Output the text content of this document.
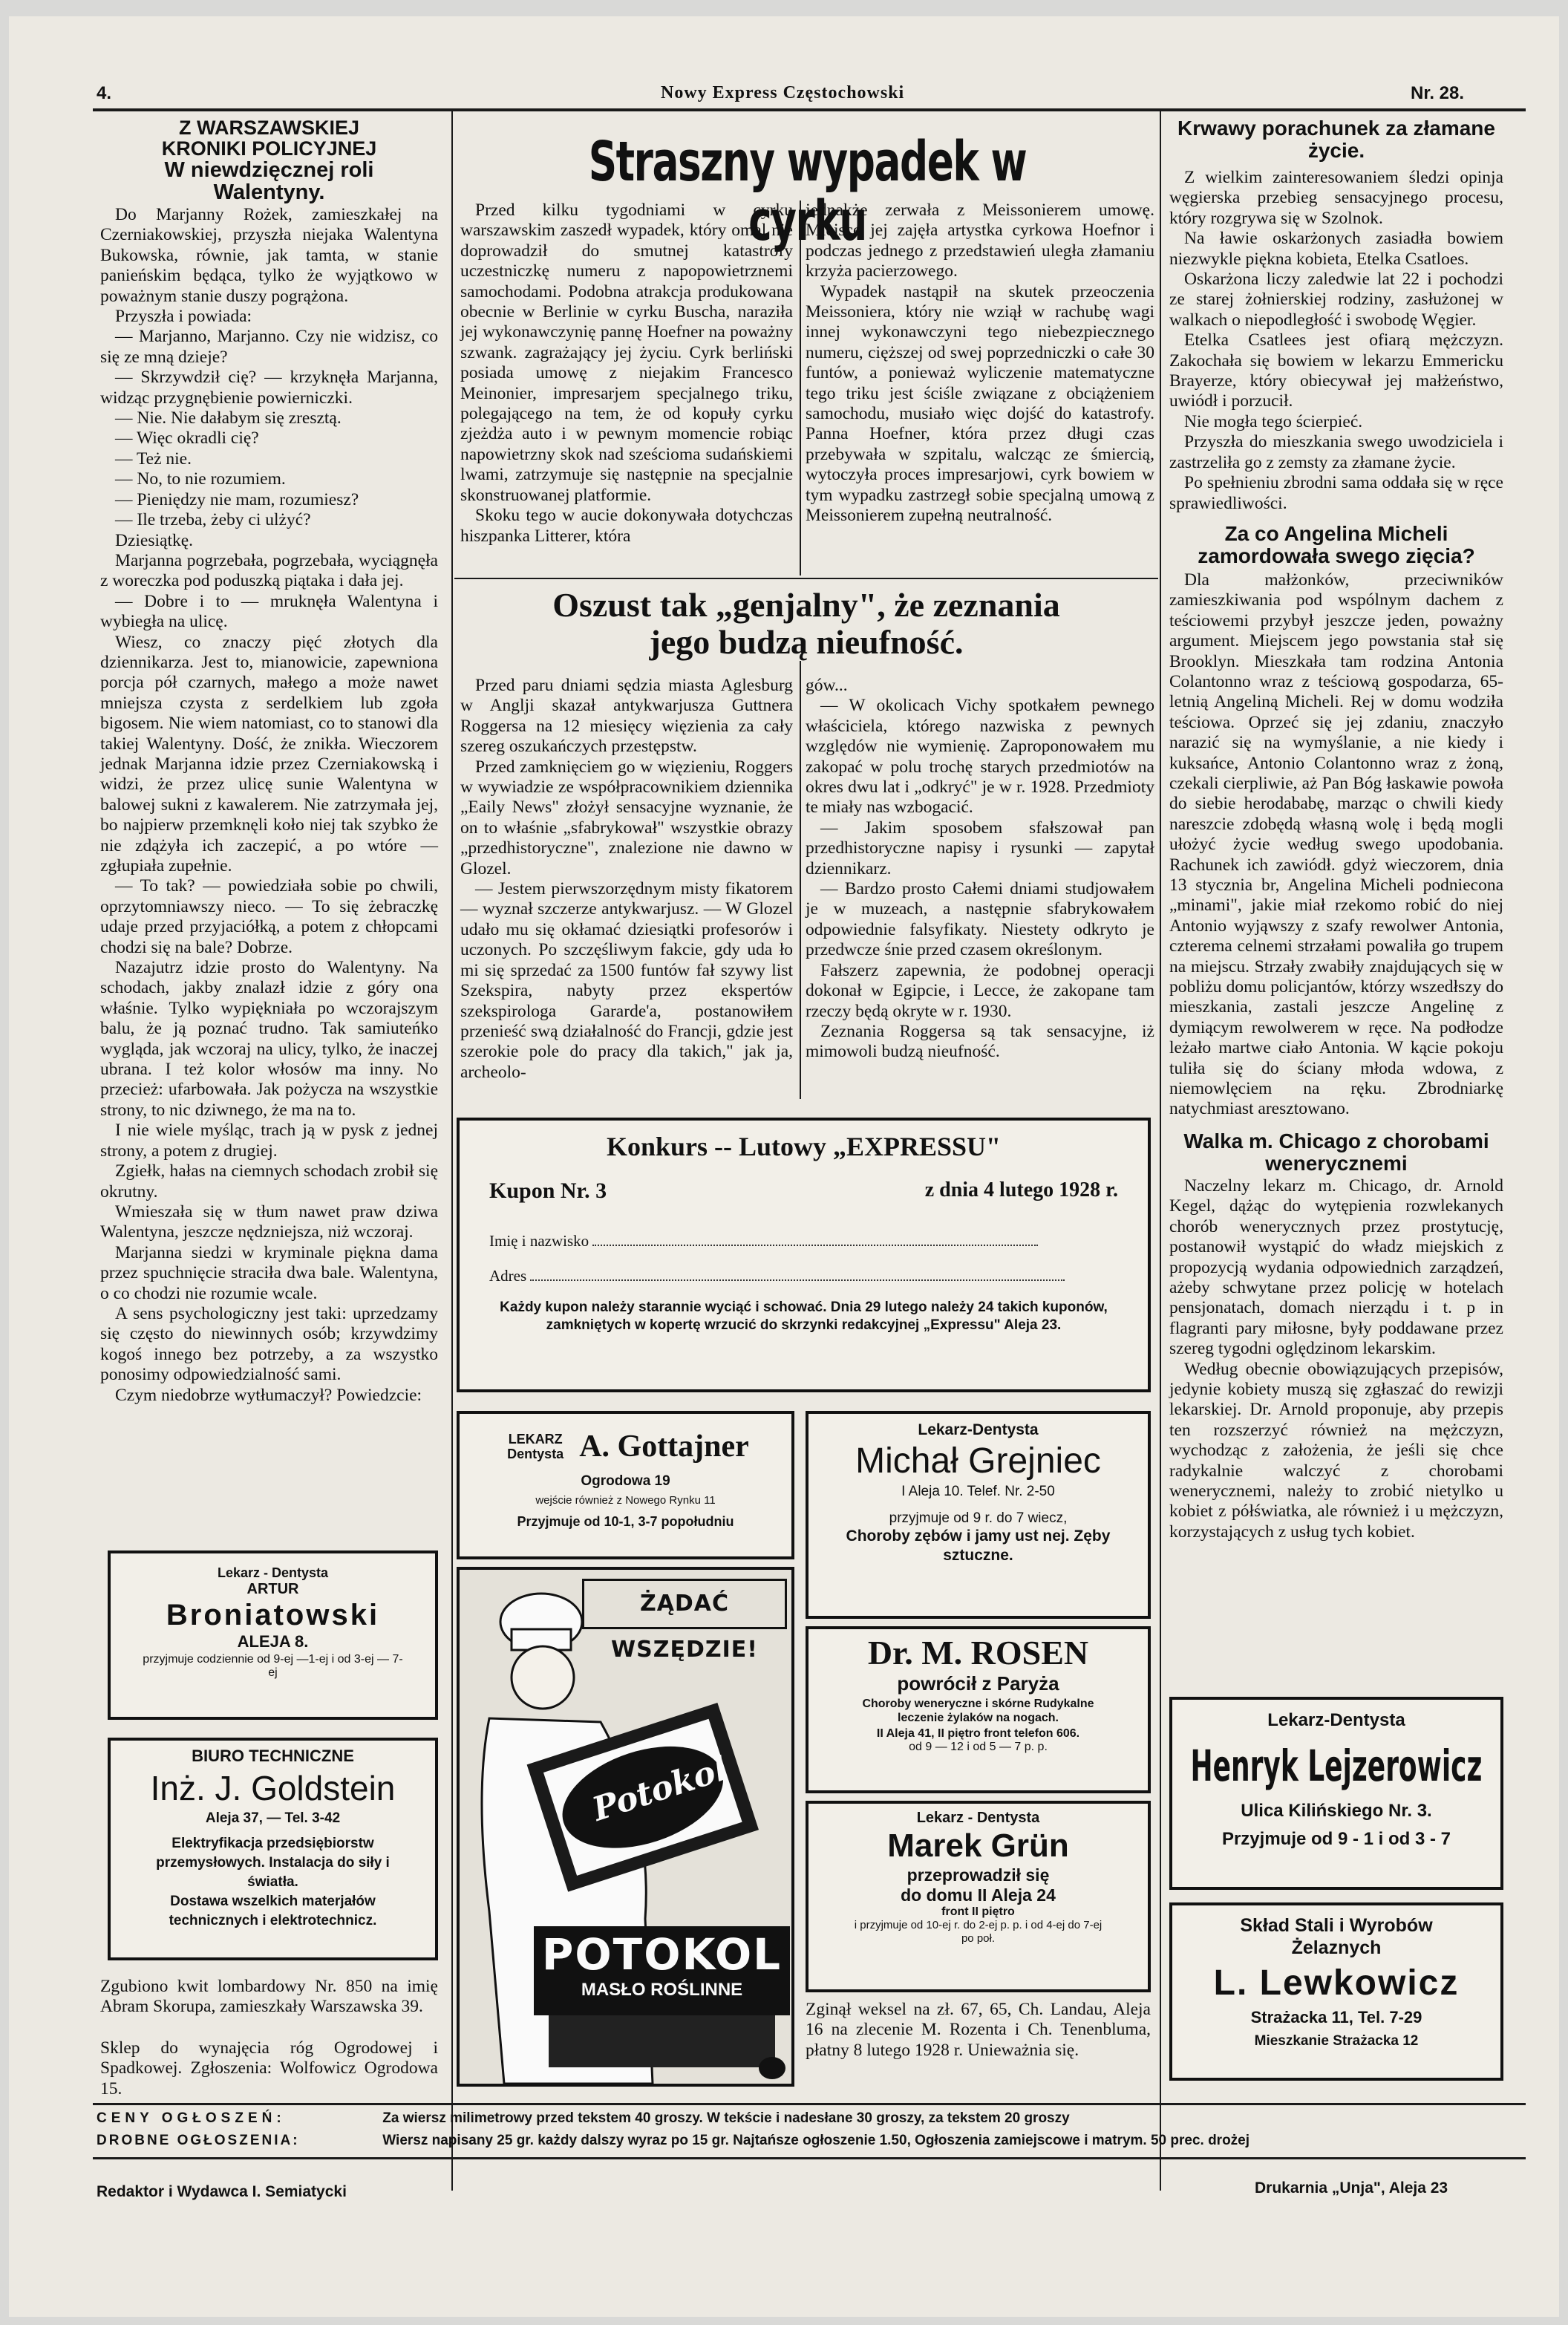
4.	Nowy Express Częstochowski	Nr. 28.
Z WARSZAWSKIEJ
KRONIKI POLICYJNEJ
W niewdzięcznej roli
Walentyny.

Do Marjanny Rożek, zamieszkałej na Czerniakowskiej, przyszła niejaka Walentyna Bukowska, równie, jak tamta, w stanie panieńskim będąca, tylko że wyjątkowo w poważnym stanie duszy pogrążona.

Przyszła i powiada:

— Marjanno, Marjanno. Czy nie widzisz, co się ze mną dzieje?

— Skrzywdził cię? — krzyknęła Marjanna, widząc przygnębienie powierniczki.

— Nie. Nie dałabym się zresztą.

— Więc okradli cię?

— Też nie.

— No, to nie rozumiem.

— Pieniędzy nie mam, rozumiesz?

— Ile trzeba, żeby ci ulżyć?

Dziesiątkę.

Marjanna pogrzebała, pogrzebała, wyciągnęła z woreczka pod poduszką piątaka i dała jej.

— Dobre i to — mruknęła Walentyna i wybiegła na ulicę.

Wiesz, co znaczy pięć złotych dla dziennikarza. Jest to, mianowicie, zapewniona porcja pół czarnych, małego a może nawet mniejsza czysta z serdelkiem lub zgoła bigosem. Nie wiem natomiast, co to stanowi dla takiej Walentyny. Dość, że znikła. Wieczorem jednak Marjanna idzie przez Czerniakowską i widzi, że przez ulicę sunie Walentyna w balowej sukni z kawalerem. Nie zatrzymała jej, bo najpierw przemknęli koło niej tak szybko że nie zdążyła ich zaczepić, a po wtóre — zgłupiała zupełnie.

— To tak? — powiedziała sobie po chwili, oprzytomniawszy nieco. — To się żebraczkę udaje przed przyjaciółką, a potem z chłopcami chodzi się na bale? Dobrze.

Nazajutrz idzie prosto do Walentyny. Na schodach, jakby znalazł idzie z góry ona właśnie. Tylko wypiękniała po wczorajszym balu, że ją poznać trudno. Tak samiuteńko wygląda, jak wczoraj na ulicy, tylko, że inaczej ubrana. I też kolor włosów ma inny. No przecież: ufarbowała. Jak pożycza na wszystkie strony, to nic dziwnego, że ma na to.

I nie wiele myśląc, trach ją w pysk z jednej strony, a potem z drugiej.

Zgiełk, hałas na ciemnych schodach zrobił się okrutny.

Wmieszała się w tłum nawet praw dziwa Walentyna, jeszcze nędzniejsza, niż wczoraj.

Marjanna siedzi w kryminale piękna dama przez spuchnięcie straciła dwa bale. Walentyna, o co chodzi nie rozumie wcale.

A sens psychologiczny jest taki: uprzedzamy się często do niewinnych osób; krzywdzimy kogoś innego bez potrzeby, a za wszystko ponosimy odpowiedzialność sami.

Czym niedobrze wytłumaczył? Powiedzcie:

Lekarz - Dentysta
ARTUR
Broniatowski
ALEJA 8.
przyjmuje codziennie od 9-ej —1-ej i od 3-ej — 7-ej
BIURO TECHNICZNE
Inż. J. Goldstein
Aleja 37, — Tel. 3-42
Elektryfikacja przedsiębiorstw przemysłowych. Instalacja do siły i światła.
Dostawa wszelkich materjałów technicznych i elektrotechnicz.

Zgubiono kwit lombardowy Nr. 850 na imię Abram Skorupa, zamieszkały Warszawska 39.

Sklep do wynajęcia róg Ogrodowej i Spadkowej. Zgłoszenia: Wolfowicz Ogrodowa 15.

Straszny wypadek w cyrku

Przed kilku tygodniami w cyrku warszawskim zaszedł wypadek, który omal nie doprowadził do smutnej katastrofy uczestniczkę numeru z napopowietrznemi samochodami. Podobna atrakcja produkowana obecnie w Berlinie w cyrku Buscha, naraziła jej wykonawczynię pannę Hoefner na poważny szwank. zagrażający jej życiu. Cyrk berliński posiada umowę z niejakim Francesco Meinonier, impresarjem specjalnego triku, polegającego na tem, że od kopuły cyrku zjeżdża auto i w pewnym momencie robiąc napowietrzny skok nad sześcioma sudańskiemi lwami, zatrzymuje się następnie na specjalnie skonstruowanej platformie.

Skoku tego w aucie dokonywała dotychczas hiszpanka Litterer, która

jednakże zerwała z Meissonierem umowę. Miejsce jej zajęła artystka cyrkowa Hoefnor i podczas jednego z przedstawień uległa złamaniu krzyża pacierzowego.

Wypadek nastąpił na skutek przeoczenia Meissoniera, który nie wziął w rachubę wagi innej wykonawczyni tego niebezpiecznego numeru, cięższej od swej poprzedniczki o całe 30 funtów, a ponieważ wyliczenie matematyczne tego triku jest ściśle związane z obciążeniem samochodu, musiało więc dojść do katastrofy. Panna Hoefner, która przez długi czas przebywała w szpitalu, walcząc ze śmiercią, wytoczyła proces impresarjowi, cyrk bowiem w tym wypadku zastrzegł sobie specjalną umową z Meissonierem zupełną neutralność.

Oszust tak „genjalny", że zeznania
jego budzą nieufność.

Przed paru dniami sędzia miasta Aglesburg w Anglji skazał antykwarjusza Guttnera Roggersa na 12 miesięcy więzienia za cały szereg oszukańczych przestępstw.

Przed zamknięciem go w więzieniu, Roggers w wywiadzie ze współpracownikiem dziennika „Eaily News" złożył sensacyjne wyznanie, że on to właśnie „sfabrykował" wszystkie obrazy „przedhistoryczne", znalezione nie dawno w Glozel.

— Jestem pierwszorzędnym misty fikatorem — wyznał szczerze antykwarjusz. — W Glozel udało mu się okłamać dziesiątki profesorów i uczonych. Po szczęśliwym fakcie, gdy uda ło mi się sprzedać za 1500 funtów fał szywy list Szekspira, nabyty przez ekspertów szekspirologa Gararde'a, postanowiłem przenieść swą działalność do Francji, gdzie jest szerokie pole do pracy dla takich," jak ja, archeolo-

gów...

— W okolicach Vichy spotkałem pewnego właściciela, którego nazwiska z pewnych względów nie wymienię. Zaproponowałem mu zakopać w polu trochę starych przedmiotów na okres dwu lat i „odkryć" je w r. 1928. Przedmioty te miały nas wzbogacić.

— Jakim sposobem sfałszował pan przedhistoryczne napisy i rysunki — zapytał dziennikarz.

— Bardzo prosto Całemi dniami studjowałem je w muzeach, a następnie sfabrykowałem odpowiednie falsyfikaty. Niestety odkryto je przedwcze śnie przed czasem określonym.

Fałszerz zapewnia, że podobnej operacji dokonał w Egipcie, i Lecce, że zakopane tam rzeczy będą okryte w r. 1930.

Zeznania Roggersa są tak sensacyjne, iż mimowoli budzą nieufność.

Konkurs -- Lutowy „EXPRESSU"
Kupon Nr. 3	z dnia 4 lutego 1928 r.
Imię i nazwisko
Adres
Każdy kupon należy starannie wyciąć i schować. Dnia 29 lutego należy 24 takich kuponów, zamkniętych w kopertę wrzucić do skrzynki redakcyjnej „Expressu" Aleja 23.
LEKARZ Dentysta A. Gottajner
Ogrodowa 19
wejście również z Nowego Rynku 11
Przyjmuje od 10-1, 3-7 popołudniu
ŻĄDAĆ WSZĘDZIE!
Potokol
POTOKOL
MASŁO ROŚLINNE
Lekarz-Dentysta
Michał Grejniec
I Aleja 10. Telef. Nr. 2-50
przyjmuje od 9 r. do 7 wiecz,
Choroby zębów i jamy ust nej. Zęby sztuczne.
Dr. M. ROSEN
powrócił z Paryża
Choroby weneryczne i skórne Rudykalne leczenie żylaków na nogach.
II Aleja 41, II piętro front telefon 606.
od 9 — 12 i od 5 — 7 p. p.
Lekarz - Dentysta
Marek Grün
przeprowadził się
do domu II Aleja 24
front II piętro
i przyjmuje od 10-ej r. do 2-ej p. p. i od 4-ej do 7-ej po poł.

Zginął weksel na zł. 67, 65, Ch. Landau, Aleja 16 na zlecenie M. Rozenta i Ch. Tenenbluma, płatny 8 lutego 1928 r. Unieważnia się.

Krwawy porachunek za złamane życie.

Z wielkim zainteresowaniem śledzi opinja węgierska przebieg sensacyjnego procesu, który rozgrywa się w Szolnok.

Na ławie oskarżonych zasiadła bowiem niezwykle piękna kobieta, Etelka Csatloes.

Oskarżona liczy zaledwie lat 22 i pochodzi ze starej żołnierskiej rodziny, zasłużonej w walkach o niepodległość i swobodę Węgier.

Etelka Csatlees jest ofiarą mężczyzn. Zakochała się bowiem w lekarzu Emmericku Brayerze, który obiecywał jej małżeństwo, uwiódł i porzucił.

Nie mogła tego ścierpieć.

Przyszła do mieszkania swego uwodziciela i zastrzeliła go z zemsty za złamane życie.

Po spełnieniu zbrodni sama oddała się w ręce sprawiedliwości.

Za co Angelina Micheli zamordowała swego zięcia?

Dla małżonków, przeciwników zamieszkiwania pod wspólnym dachem z teściowemi przybył jeszcze jeden, poważny argument. Miejscem jego powstania stał się Brooklyn. Mieszkała tam rodzina Antonia Colantonno wraz z teściową gospodarza, 65-letnią Angeliną Micheli. Rej w domu wodziła teściowa. Oprzeć się jej zdaniu, znaczyło narazić się na wymyślanie, a nie kiedy i kuksańce, Antonio Colantonno wraz z żoną, czekali cierpliwie, aż Pan Bóg łaskawie powoła do siebie herodababę, marząc o chwili kiedy nareszcie zdobędą własną wolę i będą mogli ułożyć życie według swego upodobania. Rachunek ich zawiódł. gdyż wieczorem, dnia 13 stycznia br, Angelina Micheli podniecona „minami", jakie miał rzekomo robić do niej Antonio wyjąwszy z szafy rewolwer Antonia, czterema celnemi strzałami powaliła go trupem na miejscu. Strzały zwabiły znajdujących się w pobliżu domu policjantów, którzy wszedłszy do mieszkania, zastali jeszcze Angelinę z dymiącym rewolwerem w ręce. Na podłodze leżało martwe ciało Antonia. W kącie pokoju tuliła się do ściany młoda wdowa, z niemowlęciem na ręku. Zbrodniarkę natychmiast aresztowano.

Walka m. Chicago z chorobami wenerycznemi

Naczelny lekarz m. Chicago, dr. Arnold Kegel, dążąc do wytępienia rozwlekanych chorób wenerycznych przez prostytucję, postanowił wystąpić do władz miejskich z propozycją wydania odpowiednich zarządzeń, ażeby schwytane przez policję w hotelach pensjonatach, domach nierządu i t. p in flagranti pary miłosne, były poddawane przez szereg tygodni oględzinom lekarskim.

Według obecnie obowiązujących przepisów, jedynie kobiety muszą się zgłaszać do rewizji lekarskiej. Dr. Arnold proponuje, aby przepis ten rozszerzyć również na mężczyzn, wychodząc z założenia, że jeśli się chce radykalnie walczyć z chorobami wenerycznemi, należy to zrobić nietylko u kobiet z półświatka, ale również i u mężczyzn, korzystających z usług tych kobiet.

Lekarz-Dentysta
Henryk Lejzerowicz
Ulica Kilińskiego Nr. 3.
Przyjmuje od 9 - 1 i od 3 - 7
Skład Stali i Wyrobów Żelaznych
L. Lewkowicz
Strażacka 11, Tel. 7-29
Mieszkanie Strażacka 12
CENY OGŁOSZEŃ:	Za wiersz milimetrowy przed tekstem 40 groszy. W tekście i nadesłane 30 groszy, za tekstem 20 groszy
DROBNE OGŁOSZENIA:	Wiersz napisany 25 gr. każdy dalszy wyraz po 15 gr. Najtańsze ogłoszenie 1.50, Ogłoszenia zamiejscowe i matrym. 50 prec. drożej
Redaktor i Wydawca I. Semiatycki	Drukarnia „Unja", Aleja 23
